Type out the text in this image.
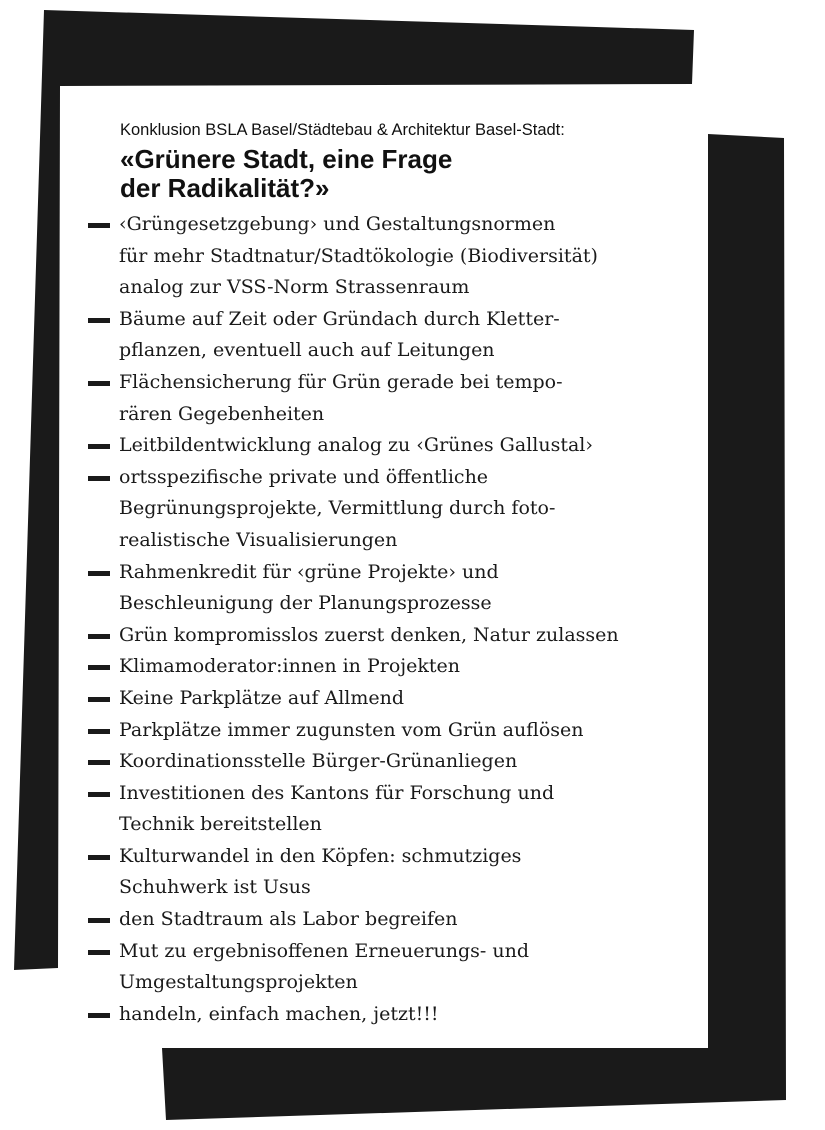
Konklusion BSLA Basel/Städtebau & Architektur Basel-Stadt:

«Grünere Stadt, eine Frage
der Radikalität?»
‹Grüngesetzgebung› und Gestaltungsnormen
für mehr Stadtnatur/Stadtökologie (Biodiversität)
analog zur VSS-Norm Strassenraum
Bäume auf Zeit oder Gründach durch Kletter-
pflanzen, eventuell auch auf Leitungen
Flächensicherung für Grün gerade bei tempo-
rären Gegebenheiten
Leitbildentwicklung analog zu ‹Grünes Gallustal›
ortsspezifische private und öffentliche
Begrünungsprojekte, Vermittlung durch foto-
realistische Visualisierungen
Rahmenkredit für ‹grüne Projekte› und
Beschleunigung der Planungsprozesse
Grün kompromisslos zuerst denken, Natur zulassen
Klimamoderator:innen in Projekten
Keine Parkplätze auf Allmend
Parkplätze immer zugunsten vom Grün auflösen
Koordinationsstelle Bürger-Grünanliegen
Investitionen des Kantons für Forschung und
Technik bereitstellen
Kulturwandel in den Köpfen: schmutziges
Schuhwerk ist Usus
den Stadtraum als Labor begreifen
Mut zu ergebnisoffenen Erneuerungs- und
Umgestaltungsprojekten
handeln, einfach machen, jetzt!!!
